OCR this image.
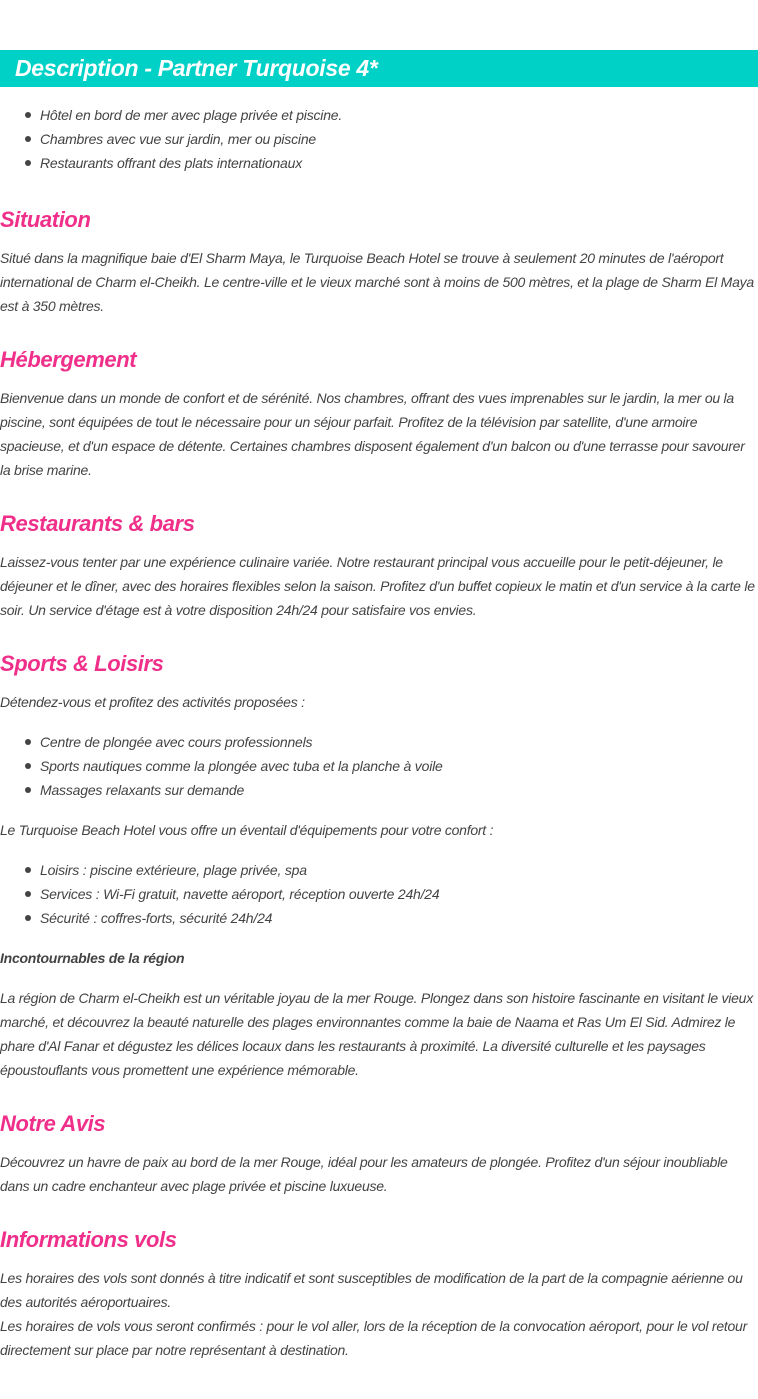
Description - Partner Turquoise 4*
Hôtel en bord de mer avec plage privée et piscine.
Chambres avec vue sur jardin, mer ou piscine
Restaurants offrant des plats internationaux
Situation

Situé dans la magnifique baie d'El Sharm Maya, le Turquoise Beach Hotel se trouve à seulement 20 minutes de l'aéroport international de Charm el-Cheikh. Le centre-ville et le vieux marché sont à moins de 500 mètres, et la plage de Sharm El Maya est à 350 mètres.

Hébergement

Bienvenue dans un monde de confort et de sérénité. Nos chambres, offrant des vues imprenables sur le jardin, la mer ou la piscine, sont équipées de tout le nécessaire pour un séjour parfait. Profitez de la télévision par satellite, d'une armoire spacieuse, et d'un espace de détente. Certaines chambres disposent également d'un balcon ou d'une terrasse pour savourer la brise marine.

Restaurants & bars

Laissez-vous tenter par une expérience culinaire variée. Notre restaurant principal vous accueille pour le petit-déjeuner, le déjeuner et le dîner, avec des horaires flexibles selon la saison. Profitez d'un buffet copieux le matin et d'un service à la carte le soir. Un service d'étage est à votre disposition 24h/24 pour satisfaire vos envies.

Sports & Loisirs

Détendez-vous et profitez des activités proposées :

Centre de plongée avec cours professionnels
Sports nautiques comme la plongée avec tuba et la planche à voile
Massages relaxants sur demande

Le Turquoise Beach Hotel vous offre un éventail d'équipements pour votre confort :

Loisirs : piscine extérieure, plage privée, spa
Services : Wi-Fi gratuit, navette aéroport, réception ouverte 24h/24
Sécurité : coffres-forts, sécurité 24h/24

Incontournables de la région

La région de Charm el-Cheikh est un véritable joyau de la mer Rouge. Plongez dans son histoire fascinante en visitant le vieux marché, et découvrez la beauté naturelle des plages environnantes comme la baie de Naama et Ras Um El Sid. Admirez le phare d'Al Fanar et dégustez les délices locaux dans les restaurants à proximité. La diversité culturelle et les paysages époustouflants vous promettent une expérience mémorable.

Notre Avis

Découvrez un havre de paix au bord de la mer Rouge, idéal pour les amateurs de plongée. Profitez d'un séjour inoubliable dans un cadre enchanteur avec plage privée et piscine luxueuse.

Informations vols

Les horaires des vols sont donnés à titre indicatif et sont susceptibles de modification de la part de la compagnie aérienne ou des autorités aéroportuaires.

Les horaires de vols vous seront confirmés : pour le vol aller, lors de la réception de la convocation aéroport, pour le vol retour directement sur place par notre représentant à destination.
